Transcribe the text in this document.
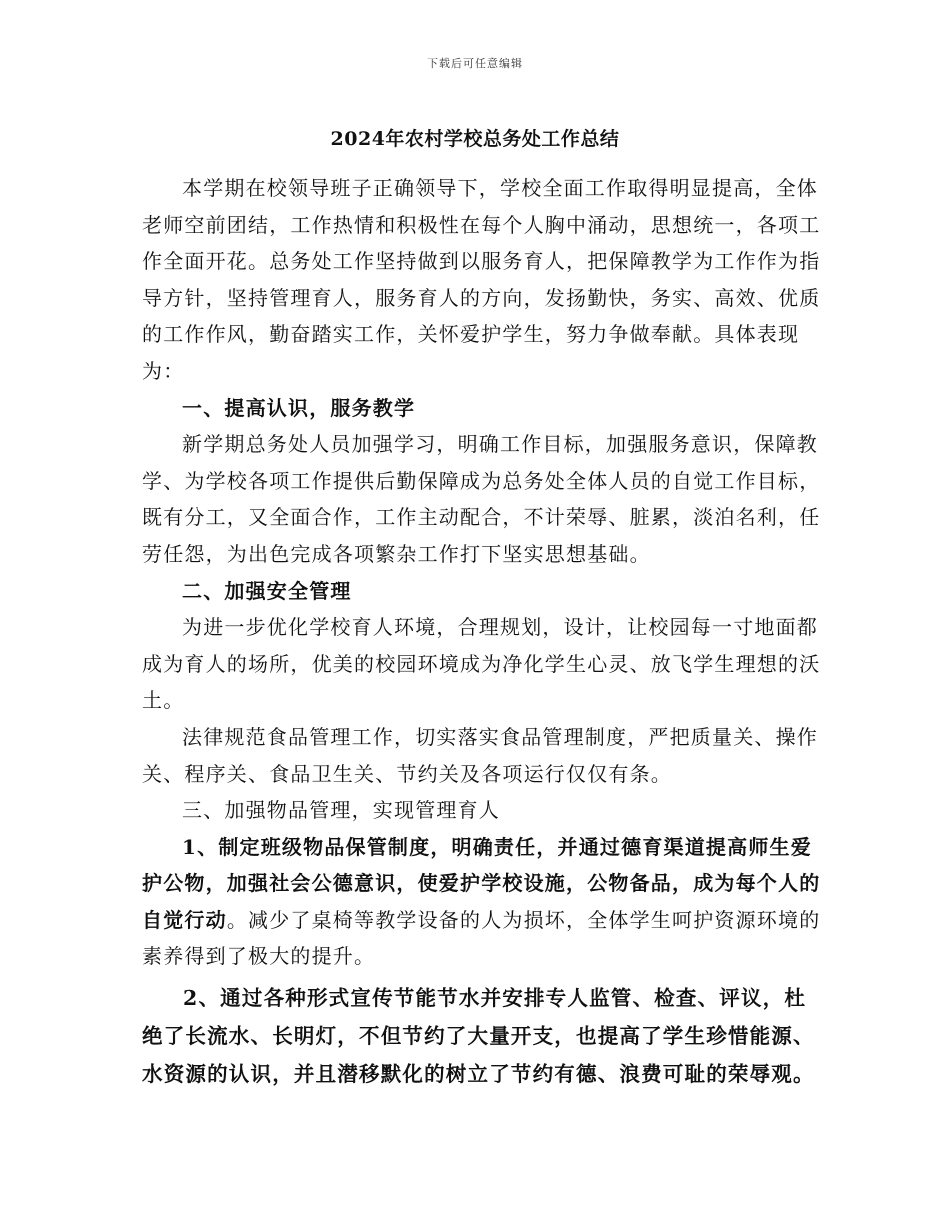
下载后可任意编辑
2024年农村学校总务处工作总结

本学期在校领导班子正确领导下，学校全面工作取得明显提高，全体老师空前团结，工作热情和积极性在每个人胸中涌动，思想统一，各项工作全面开花。总务处工作坚持做到以服务育人，把保障教学为工作作为指导方针，坚持管理育人，服务育人的方向，发扬勤快，务实、高效、优质的工作作风，勤奋踏实工作，关怀爱护学生，努力争做奉献。具体表现为：

一、提高认识，服务教学

新学期总务处人员加强学习，明确工作目标，加强服务意识，保障教学、为学校各项工作提供后勤保障成为总务处全体人员的自觉工作目标，既有分工，又全面合作，工作主动配合，不计荣辱、脏累，淡泊名利，任劳任怨，为出色完成各项繁杂工作打下坚实思想基础。

二、加强安全管理

为进一步优化学校育人环境，合理规划，设计，让校园每一寸地面都成为育人的场所，优美的校园环境成为净化学生心灵、放飞学生理想的沃土。

法律规范食品管理工作，切实落实食品管理制度，严把质量关、操作关、程序关、食品卫生关、节约关及各项运行仅仅有条。

三、加强物品管理，实现管理育人

1、制定班级物品保管制度，明确责任，并通过德育渠道提高师生爱护公物，加强社会公德意识，使爱护学校设施，公物备品，成为每个人的自觉行动。减少了桌椅等教学设备的人为损坏，全体学生呵护资源环境的素养得到了极大的提升。

2、通过各种形式宣传节能节水并安排专人监管、检查、评议，杜绝了长流水、长明灯，不但节约了大量开支，也提高了学生珍惜能源、水资源的认识，并且潜移默化的树立了节约有德、浪费可耻的荣辱观。
